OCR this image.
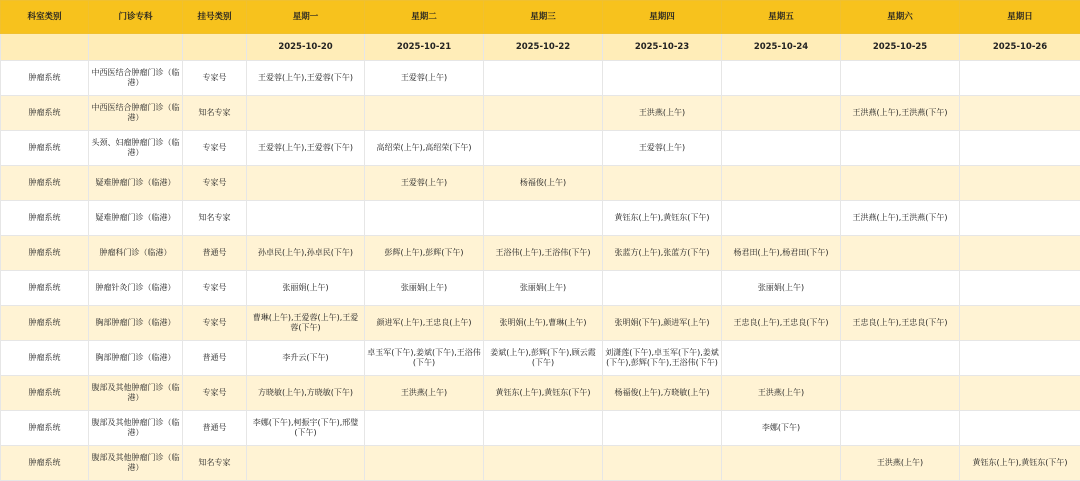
科室类别	门诊专科	挂号类别	星期一	星期二	星期三	星期四	星期五	星期六	星期日
			2025-10-20	2025-10-21	2025-10-22	2025-10-23	2025-10-24	2025-10-25	2025-10-26
肿瘤系统	中西医结合肿瘤门诊（临港）	专家号	王爱蓉(上午),王爱蓉(下午)	王爱蓉(上午)					
肿瘤系统	中西医结合肿瘤门诊（临港）	知名专家				王洪燕(上午)		王洪燕(上午),王洪燕(下午)	
肿瘤系统	头颈、妇瘤肿瘤门诊（临港）	专家号	王爱蓉(上午),王爱蓉(下午)	高绍荣(上午),高绍荣(下午)		王爱蓉(上午)			
肿瘤系统	疑难肿瘤门诊（临港）	专家号		王爱蓉(上午)	杨福俊(上午)				
肿瘤系统	疑难肿瘤门诊（临港）	知名专家				黄钰东(上午),黄钰东(下午)		王洪燕(上午),王洪燕(下午)	
肿瘤系统	肿瘤科门诊（临港）	普通号	孙卓民(上午),孙卓民(下午)	彭辉(上午),彭辉(下午)	王浴伟(上午),王浴伟(下午)	张蓝方(上午),张蓝方(下午)	杨君田(上午),杨君田(下午)		
肿瘤系统	肿瘤针灸门诊（临港）	专家号	张丽娟(上午)	张丽娟(上午)	张丽娟(上午)		张丽娟(上午)		
肿瘤系统	胸部肿瘤门诊（临港）	专家号	曹琳(上午),王爱蓉(上午),王爱蓉(下午)	颜进军(上午),王忠良(上午)	张明娟(上午),曹琳(上午)	张明娟(下午),颜进军(上午)	王忠良(上午),王忠良(下午)	王忠良(上午),王忠良(下午)	
肿瘤系统	胸部肿瘤门诊（临港）	普通号	李升云(下午)	卓玉军(下午),姜斌(下午),王浴伟(下午)	姜斌(上午),彭辉(下午),顾云霞(下午)	刘潇莲(下午),卓玉军(下午),姜斌(下午),彭辉(下午),王浴伟(下午)			
肿瘤系统	腹部及其他肿瘤门诊（临港）	专家号	方晓敏(上午),方晓敏(下午)	王洪燕(上午)	黄钰东(上午),黄钰东(下午)	杨福俊(上午),方晓敏(上午)	王洪燕(上午)		
肿瘤系统	腹部及其他肿瘤门诊（临港）	普通号	李娜(下午),柯振宇(下午),邢璧(下午)				李娜(下午)		
肿瘤系统	腹部及其他肿瘤门诊（临港）	知名专家						王洪燕(上午)	黄钰东(上午),黄钰东(下午)
